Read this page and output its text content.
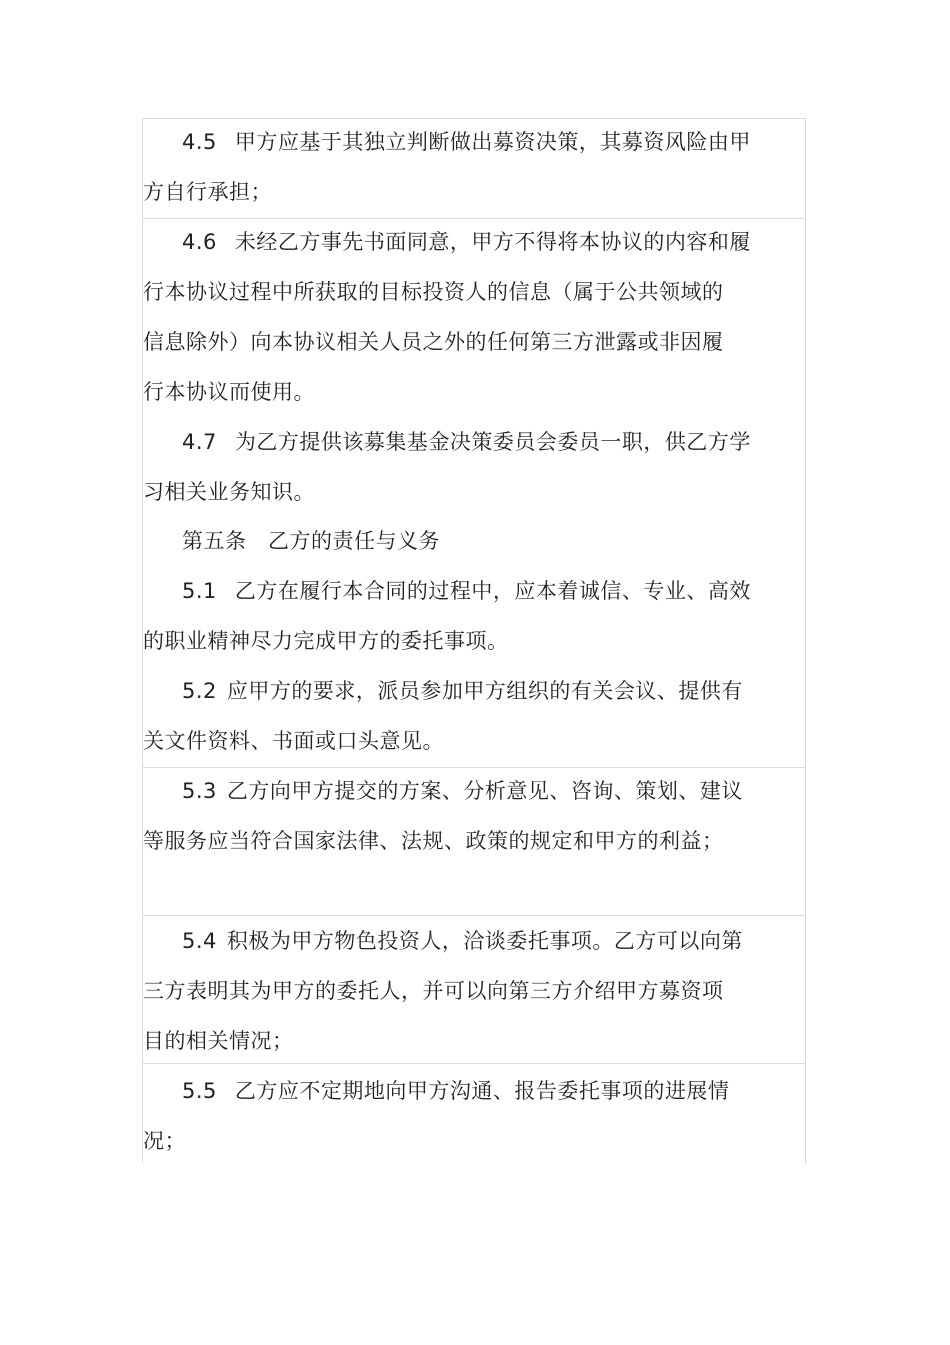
4.5 甲方应基于其独立判断做出募资决策，其募资风险由甲
方自行承担；
4.6 未经乙方事先书面同意，甲方不得将本协议的内容和履
行本协议过程中所获取的目标投资人的信息（属于公共领域的
信息除外）向本协议相关人员之外的任何第三方泄露或非因履
行本协议而使用。
4.7 为乙方提供该募集基金决策委员会委员一职，供乙方学
习相关业务知识。
第五条   乙方的责任与义务
5.1 乙方在履行本合同的过程中，应本着诚信、专业、高效
的职业精神尽力完成甲方的委托事项。
5.2 应甲方的要求，派员参加甲方组织的有关会议、提供有
关文件资料、书面或口头意见。
5.3 乙方向甲方提交的方案、分析意见、咨询、策划、建议
等服务应当符合国家法律、法规、政策的规定和甲方的利益；
5.4 积极为甲方物色投资人，洽谈委托事项。乙方可以向第
三方表明其为甲方的委托人，并可以向第三方介绍甲方募资项
目的相关情况；
5.5 乙方应不定期地向甲方沟通、报告委托事项的进展情
况；
